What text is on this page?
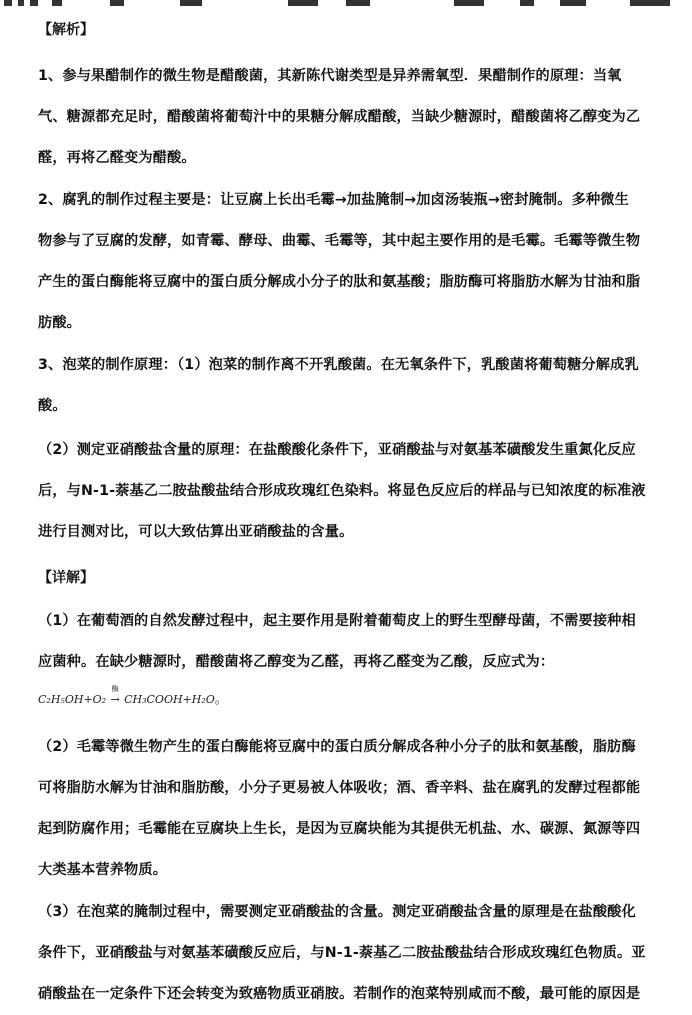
【解析】
1、参与果醋制作的微生物是醋酸菌，其新陈代谢类型是异养需氧型．果醋制作的原理：当氧
气、糖源都充足时，醋酸菌将葡萄汁中的果糖分解成醋酸，当缺少糖源时，醋酸菌将乙醇变为乙
醛，再将乙醛变为醋酸。
2、腐乳的制作过程主要是：让豆腐上长出毛霉→加盐腌制→加卤汤装瓶→密封腌制。多种微生
物参与了豆腐的发酵，如青霉、酵母、曲霉、毛霉等，其中起主要作用的是毛霉。毛霉等微生物
产生的蛋白酶能将豆腐中的蛋白质分解成小分子的肽和氨基酸；脂肪酶可将脂肪水解为甘油和脂
肪酸。
3、泡菜的制作原理：（1）泡菜的制作离不开乳酸菌。在无氧条件下，乳酸菌将葡萄糖分解成乳
酸。
（2）测定亚硝酸盐含量的原理：在盐酸酸化条件下，亚硝酸盐与对氨基苯磺酸发生重氮化反应
后，与N-1-萘基乙二胺盐酸盐结合形成玫瑰红色染料。将显色反应后的样品与已知浓度的标准液
进行目测对比，可以大致估算出亚硝酸盐的含量。
【详解】
（1）在葡萄酒的自然发酵过程中，起主要作用是附着葡萄皮上的野生型酵母菌，不需要接种相
应菌种。在缺少糖源时，醋酸菌将乙醇变为乙醛，再将乙醛变为乙酸，反应式为：
C₂H₅OH+O₂
酶
→ CH₃COOH+H₂O。
（2）毛霉等微生物产生的蛋白酶能将豆腐中的蛋白质分解成各种小分子的肽和氨基酸，脂肪酶
可将脂肪水解为甘油和脂肪酸，小分子更易被人体吸收；酒、香辛料、盐在腐乳的发酵过程都能
起到防腐作用；毛霉能在豆腐块上生长，是因为豆腐块能为其提供无机盐、水、碳源、氮源等四
大类基本营养物质。
（3）在泡菜的腌制过程中，需要测定亚硝酸盐的含量。测定亚硝酸盐含量的原理是在盐酸酸化
条件下，亚硝酸盐与对氨基苯磺酸反应后，与N-1-萘基乙二胺盐酸盐结合形成玫瑰红色物质。亚
硝酸盐在一定条件下还会转变为致癌物质亚硝胺。若制作的泡菜特别咸而不酸，最可能的原因是
